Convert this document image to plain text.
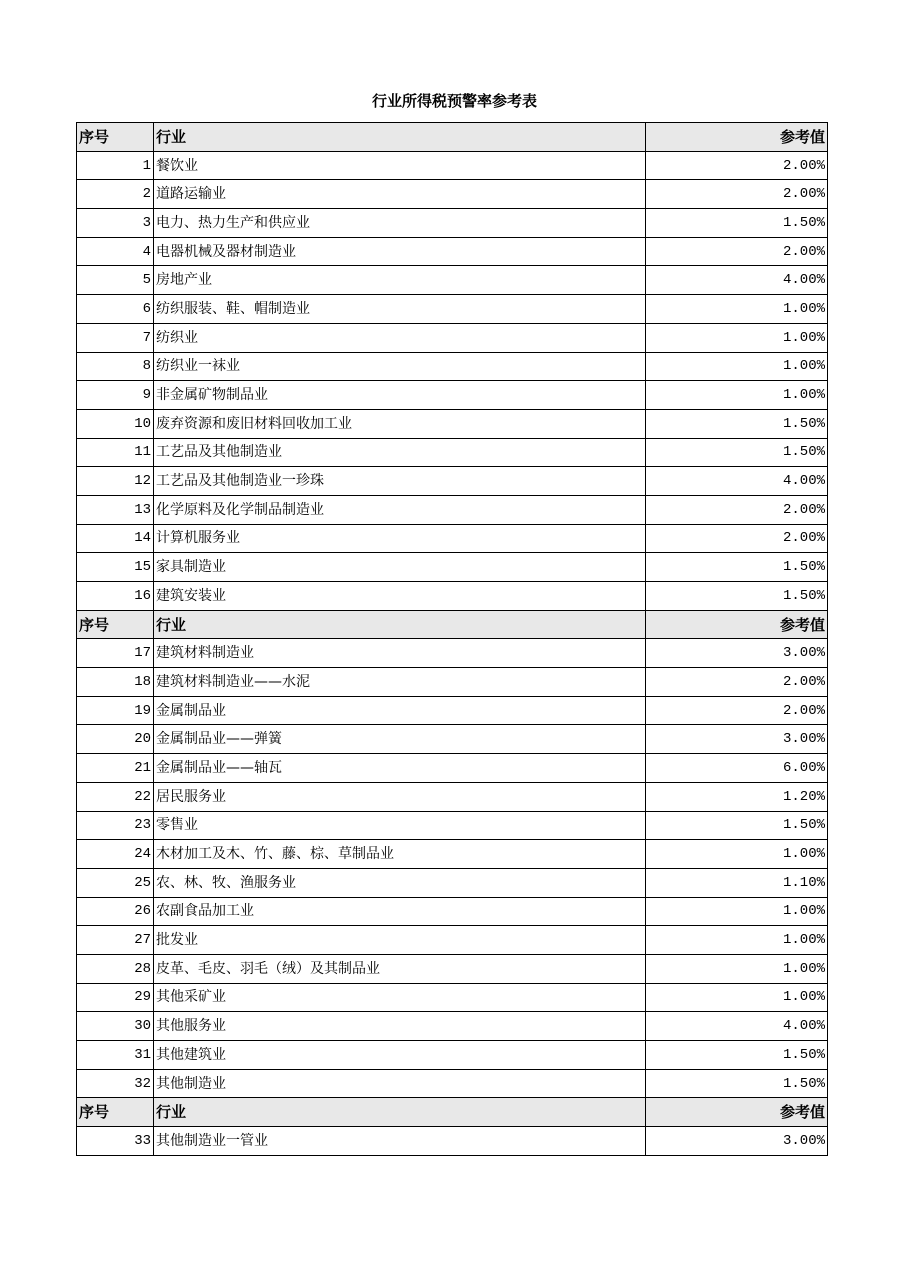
行业所得税预警率参考表
序号	行业	参考值
1	餐饮业	2.00%
2	道路运输业	2.00%
3	电力、热力生产和供应业	1.50%
4	电器机械及器材制造业	2.00%
5	房地产业	4.00%
6	纺织服装、鞋、帽制造业	1.00%
7	纺织业	1.00%
8	纺织业一袜业	1.00%
9	非金属矿物制品业	1.00%
10	废弃资源和废旧材料回收加工业	1.50%
11	工艺品及其他制造业	1.50%
12	工艺品及其他制造业一珍珠	4.00%
13	化学原料及化学制品制造业	2.00%
14	计算机服务业	2.00%
15	家具制造业	1.50%
16	建筑安装业	1.50%
序号	行业	参考值
17	建筑材料制造业	3.00%
18	建筑材料制造业——水泥	2.00%
19	金属制品业	2.00%
20	金属制品业——弹簧	3.00%
21	金属制品业——轴瓦	6.00%
22	居民服务业	1.20%
23	零售业	1.50%
24	木材加工及木、竹、藤、棕、草制品业	1.00%
25	农、林、牧、渔服务业	1.10%
26	农副食品加工业	1.00%
27	批发业	1.00%
28	皮革、毛皮、羽毛（绒）及其制品业	1.00%
29	其他采矿业	1.00%
30	其他服务业	4.00%
31	其他建筑业	1.50%
32	其他制造业	1.50%
序号	行业	参考值
33	其他制造业一管业	3.00%
